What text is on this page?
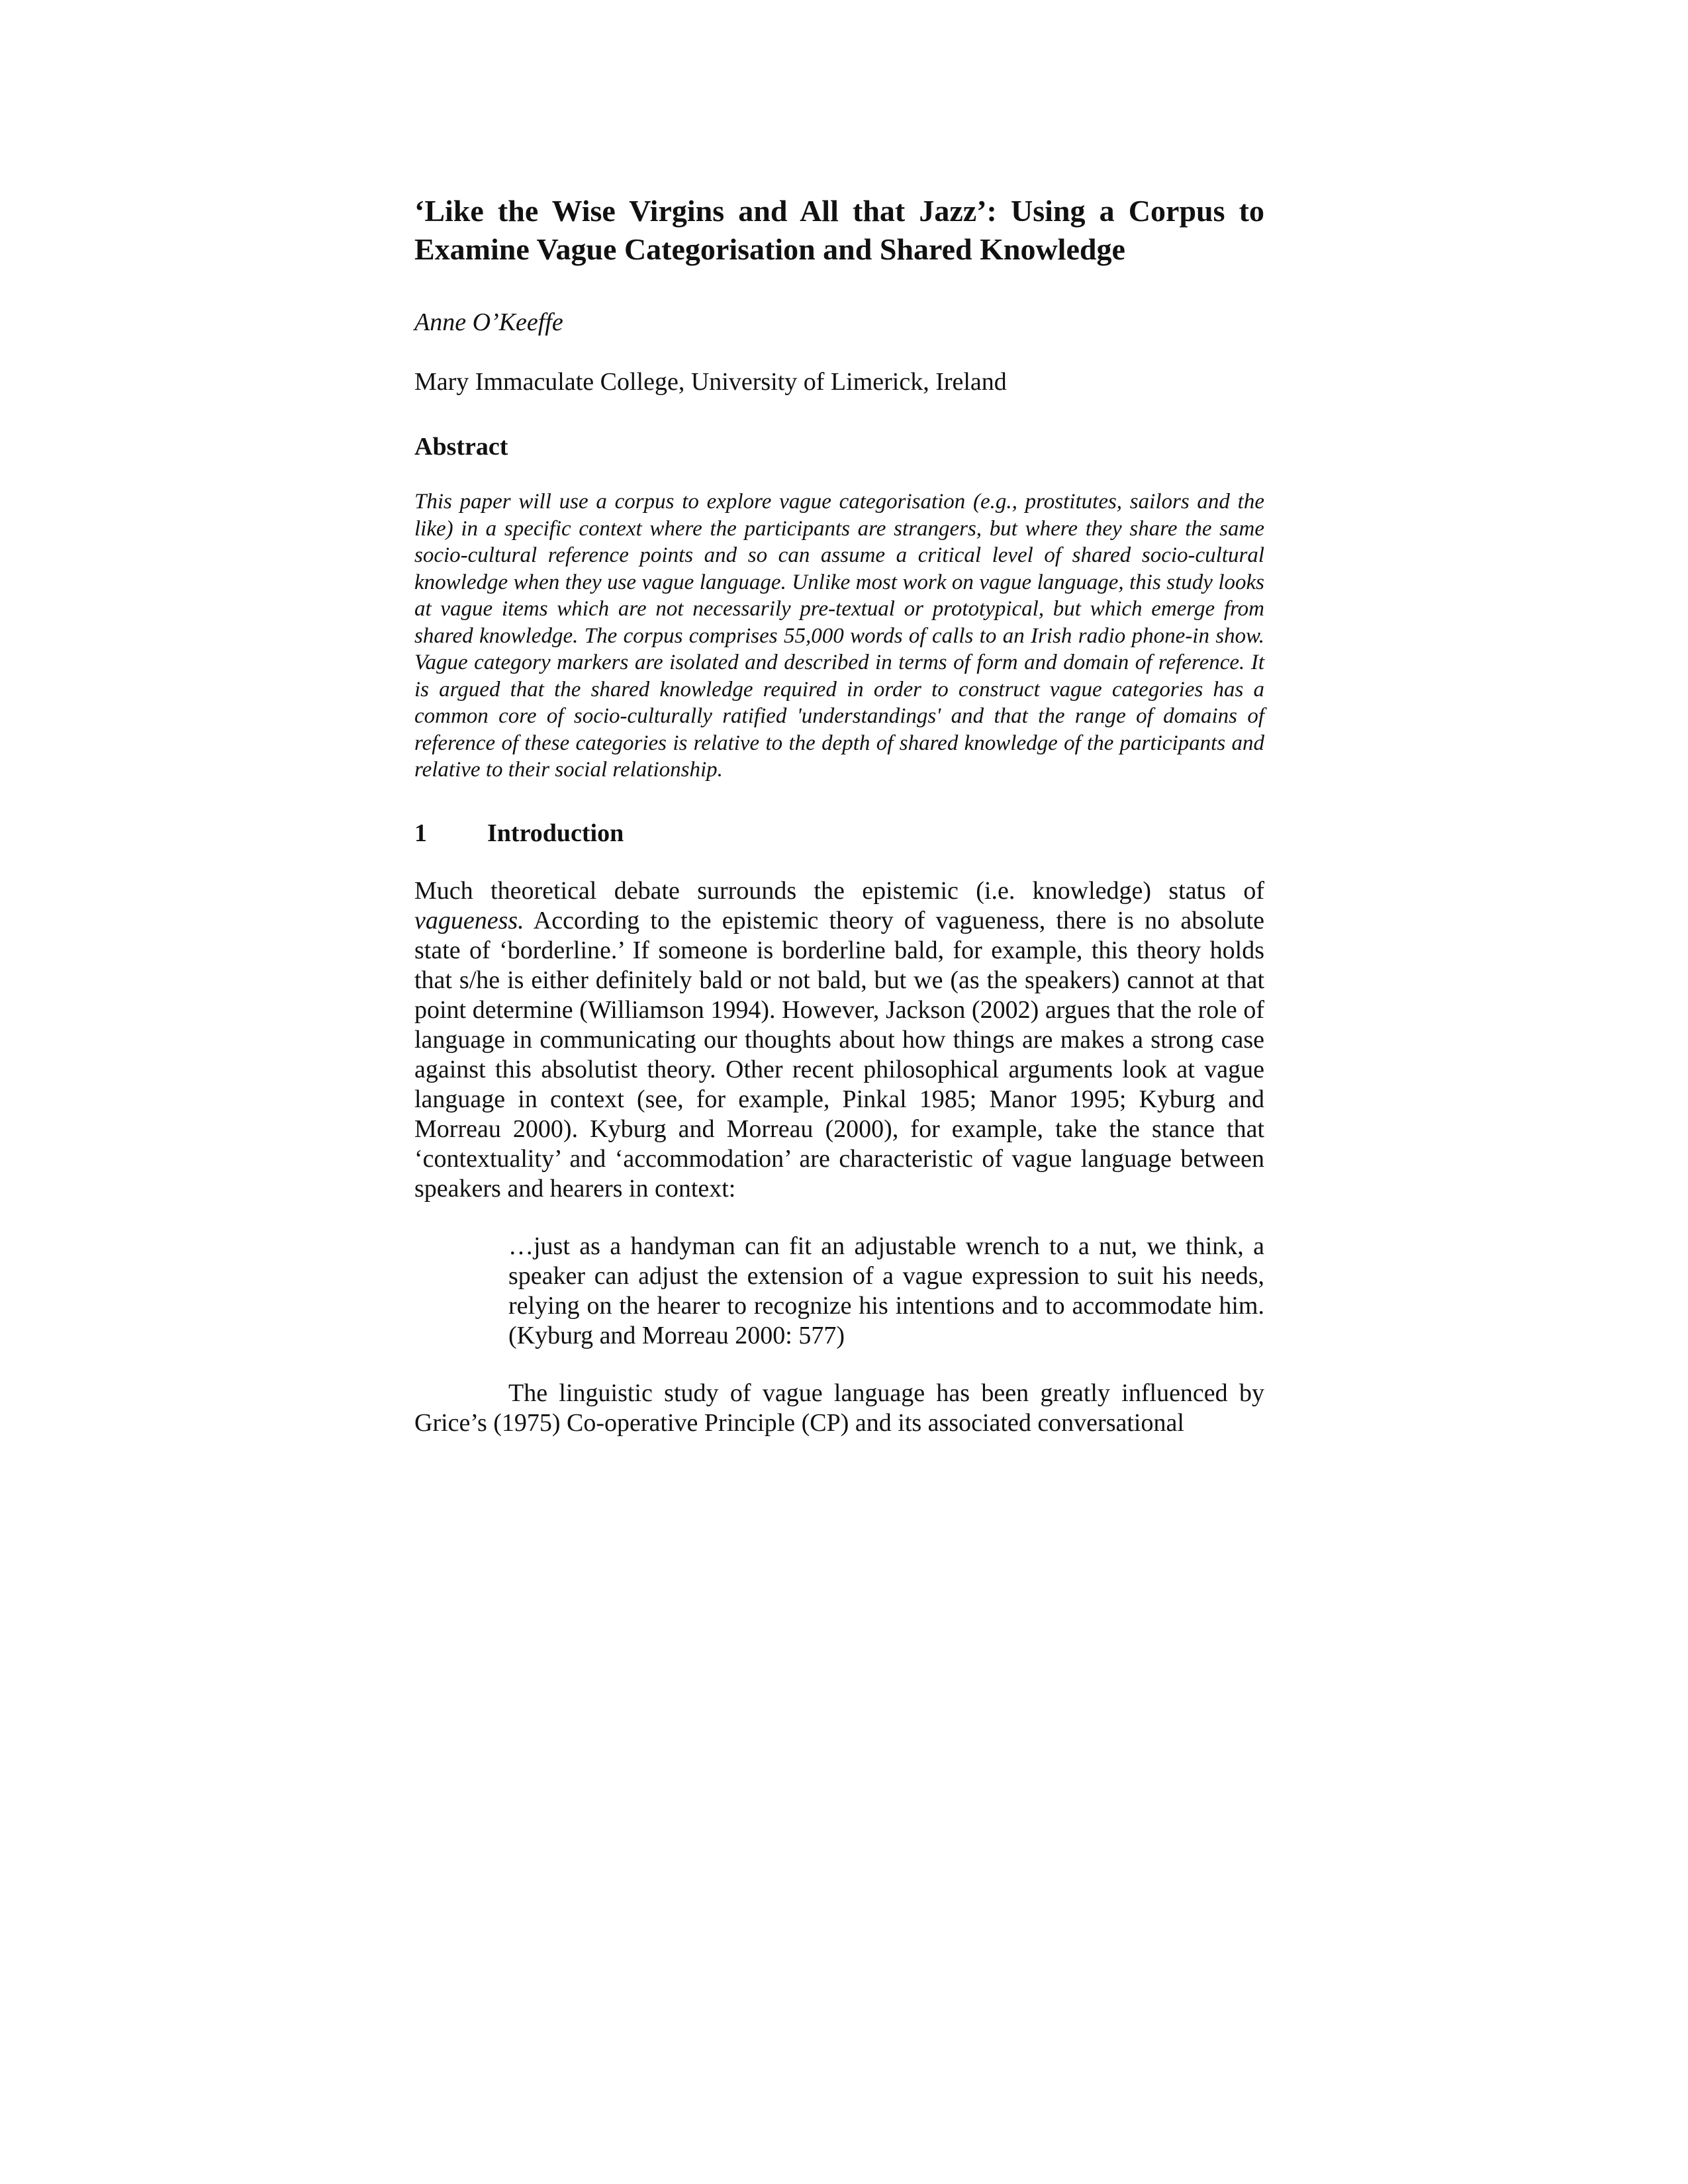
‘Like the Wise Virgins and All that Jazz’: Using a Corpus to Examine Vague Categorisation and Shared Knowledge

Anne O’Keeffe

Mary Immaculate College, University of Limerick, Ireland

Abstract

This paper will use a corpus to explore vague categorisation (e.g., prostitutes, sailors and the like) in a specific context where the participants are strangers, but where they share the same socio-cultural reference points and so can assume a critical level of shared socio-cultural knowledge when they use vague language. Unlike most work on vague language, this study looks at vague items which are not necessarily pre-textual or prototypical, but which emerge from shared knowledge. The corpus comprises 55,000 words of calls to an Irish radio phone-in show. Vague category markers are isolated and described in terms of form and domain of reference. It is argued that the shared knowledge required in order to construct vague categories has a common core of socio-culturally ratified 'understandings' and that the range of domains of reference of these categories is relative to the depth of shared knowledge of the participants and relative to their social relationship.

1	Introduction

Much theoretical debate surrounds the epistemic (i.e. knowledge) status of vagueness. According to the epistemic theory of vagueness, there is no absolute state of ‘borderline.’ If someone is borderline bald, for example, this theory holds that s/he is either definitely bald or not bald, but we (as the speakers) cannot at that point determine (Williamson 1994). However, Jackson (2002) argues that the role of language in communicating our thoughts about how things are makes a strong case against this absolutist theory. Other recent philosophical arguments look at vague language in context (see, for example, Pinkal 1985; Manor 1995; Kyburg and Morreau 2000). Kyburg and Morreau (2000), for example, take the stance that ‘contextuality’ and ‘accommodation’ are characteristic of vague language between speakers and hearers in context:

…just as a handyman can fit an adjustable wrench to a nut, we think, a speaker can adjust the extension of a vague expression to suit his needs, relying on the hearer to recognize his intentions and to accommodate him. (Kyburg and Morreau 2000: 577)

The linguistic study of vague language has been greatly influenced by Grice’s (1975) Co-operative Principle (CP) and its associated conversational
